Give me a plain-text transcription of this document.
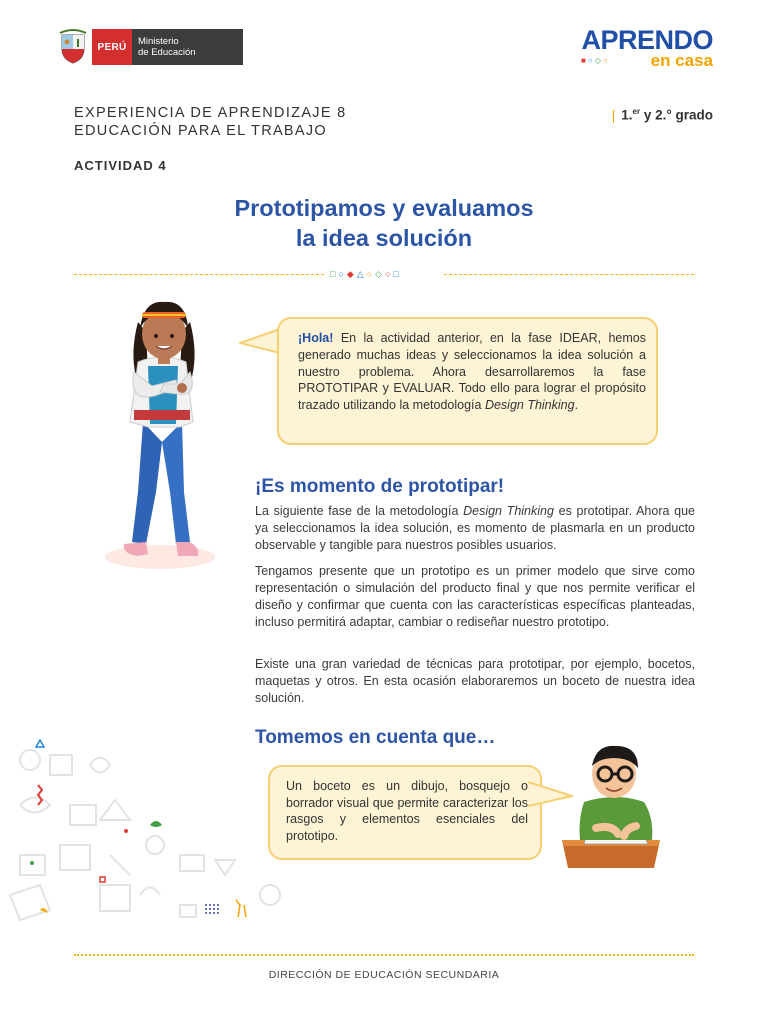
PERÚ	Ministerio
de Educación	APRENDO
en casa
■○◇○
EXPERIENCIA DE APRENDIZAJE 8
EDUCACIÓN PARA EL TRABAJO
| 1.$^{er}$ y 2.° grado
ACTIVIDAD 4
Prototipamos y evaluamos
la idea solución
□○◆△○◇○□
¡Hola! En la actividad anterior, en la fase IDEAR, hemos generado muchas ideas y seleccionamos la idea solución a nuestro problema. Ahora desarrollaremos la fase PROTOTIPAR y EVALUAR. Todo ello para lograr el propósito trazado utilizando la metodología Design Thinking.
¡Es momento de prototipar!
La siguiente fase de la metodología Design Thinking es prototipar. Ahora que ya seleccionamos la idea solución, es momento de plasmarla en un producto observable y tangible para nuestros posibles usuarios.
Tengamos presente que un prototipo es un primer modelo que sirve como representación o simulación del producto final y que nos permite verificar el diseño y confirmar que cuenta con las características específicas planteadas, incluso permitirá adaptar, cambiar o rediseñar nuestro prototipo.
Existe una gran variedad de técnicas para prototipar, por ejemplo, bocetos, maquetas y otros. En esta ocasión elaboraremos un boceto de nuestra idea solución.
Tomemos en cuenta que…
Un boceto es un dibujo, bosquejo o borrador visual que permite caracterizar los rasgos y elementos esenciales del prototipo.
DIRECCIÓN DE EDUCACIÓN SECUNDARIA
